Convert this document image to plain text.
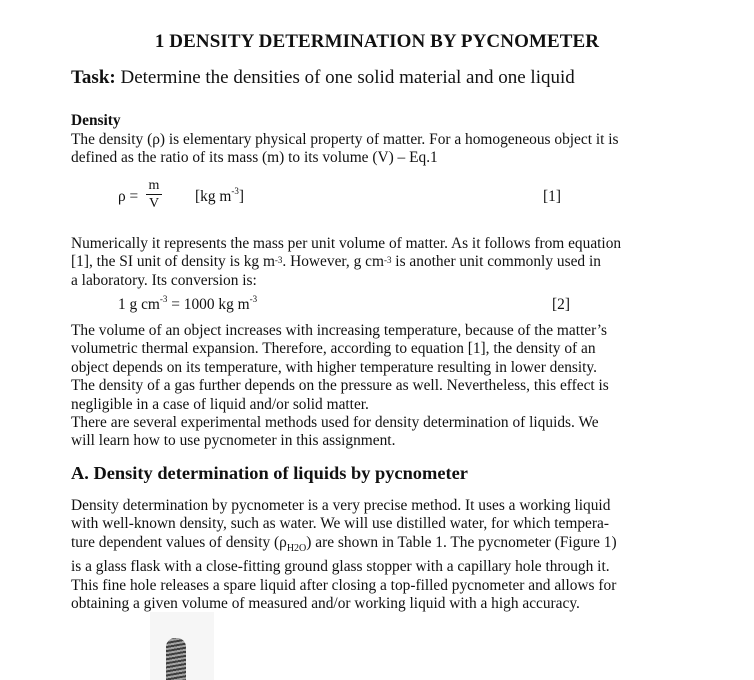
1 DENSITY DETERMINATION BY PYCNOMETER
Task: Determine the densities of one solid material and one liquid
Density
The density (ρ) is elementary physical property of matter. For a homogeneous object it is
defined as the ratio of its mass (m) to its volume (V) – Eq.1
ρ =
m
V [kg $m^{-3}$]	[1]
Numerically it represents the mass per unit volume of matter. As it follows from equation
[1], the SI unit of density is kg $m^{-3}$. However, g $cm^{-3}$ is another unit commonly used in
a laboratory. Its conversion is:
1 g $cm^{-3} = 1000$ kg $m^{-3}$	[2]
The volume of an object increases with increasing temperature, because of the matter’s
volumetric thermal expansion. Therefore, according to equation [1], the density of an
object depends on its temperature, with higher temperature resulting in lower density.
The density of a gas further depends on the pressure as well. Nevertheless, this effect is
negligible in a case of liquid and/or solid matter.
There are several experimental methods used for density determination of liquids. We
will learn how to use pycnometer in this assignment.
A. Density determination of liquids by pycnometer
Density determination by pycnometer is a very precise method. It uses a working liquid
with well-known density, such as water. We will use distilled water, for which tempera-
ture dependent values of density $(\rho_{H2O})$ are shown in Table 1. The pycnometer (Figure 1)
is a glass flask with a close-fitting ground glass stopper with a capillary hole through it.
This fine hole releases a spare liquid after closing a top-filled pycnometer and allows for
obtaining a given volume of measured and/or working liquid with a high accuracy.
